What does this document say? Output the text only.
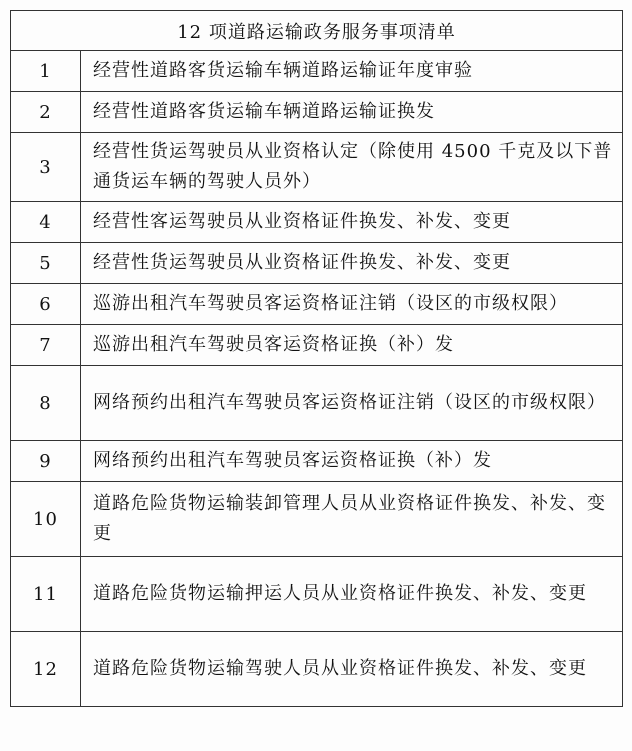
12 项道路运输政务服务事项清单	
1	经营性道路客货运输车辆道路运输证年度审验
2	经营性道路客货运输车辆道路运输证换发
3	经营性货运驾驶员从业资格认定（除使用 4500 千克及以下普通货运车辆的驾驶人员外）
4	经营性客运驾驶员从业资格证件换发、补发、变更
5	经营性货运驾驶员从业资格证件换发、补发、变更
6	巡游出租汽车驾驶员客运资格证注销（设区的市级权限）
7	巡游出租汽车驾驶员客运资格证换（补）发
8	网络预约出租汽车驾驶员客运资格证注销（设区的市级权限）
9	网络预约出租汽车驾驶员客运资格证换（补）发
10	道路危险货物运输装卸管理人员从业资格证件换发、补发、变更
11	道路危险货物运输押运人员从业资格证件换发、补发、变更
12	道路危险货物运输驾驶人员从业资格证件换发、补发、变更
